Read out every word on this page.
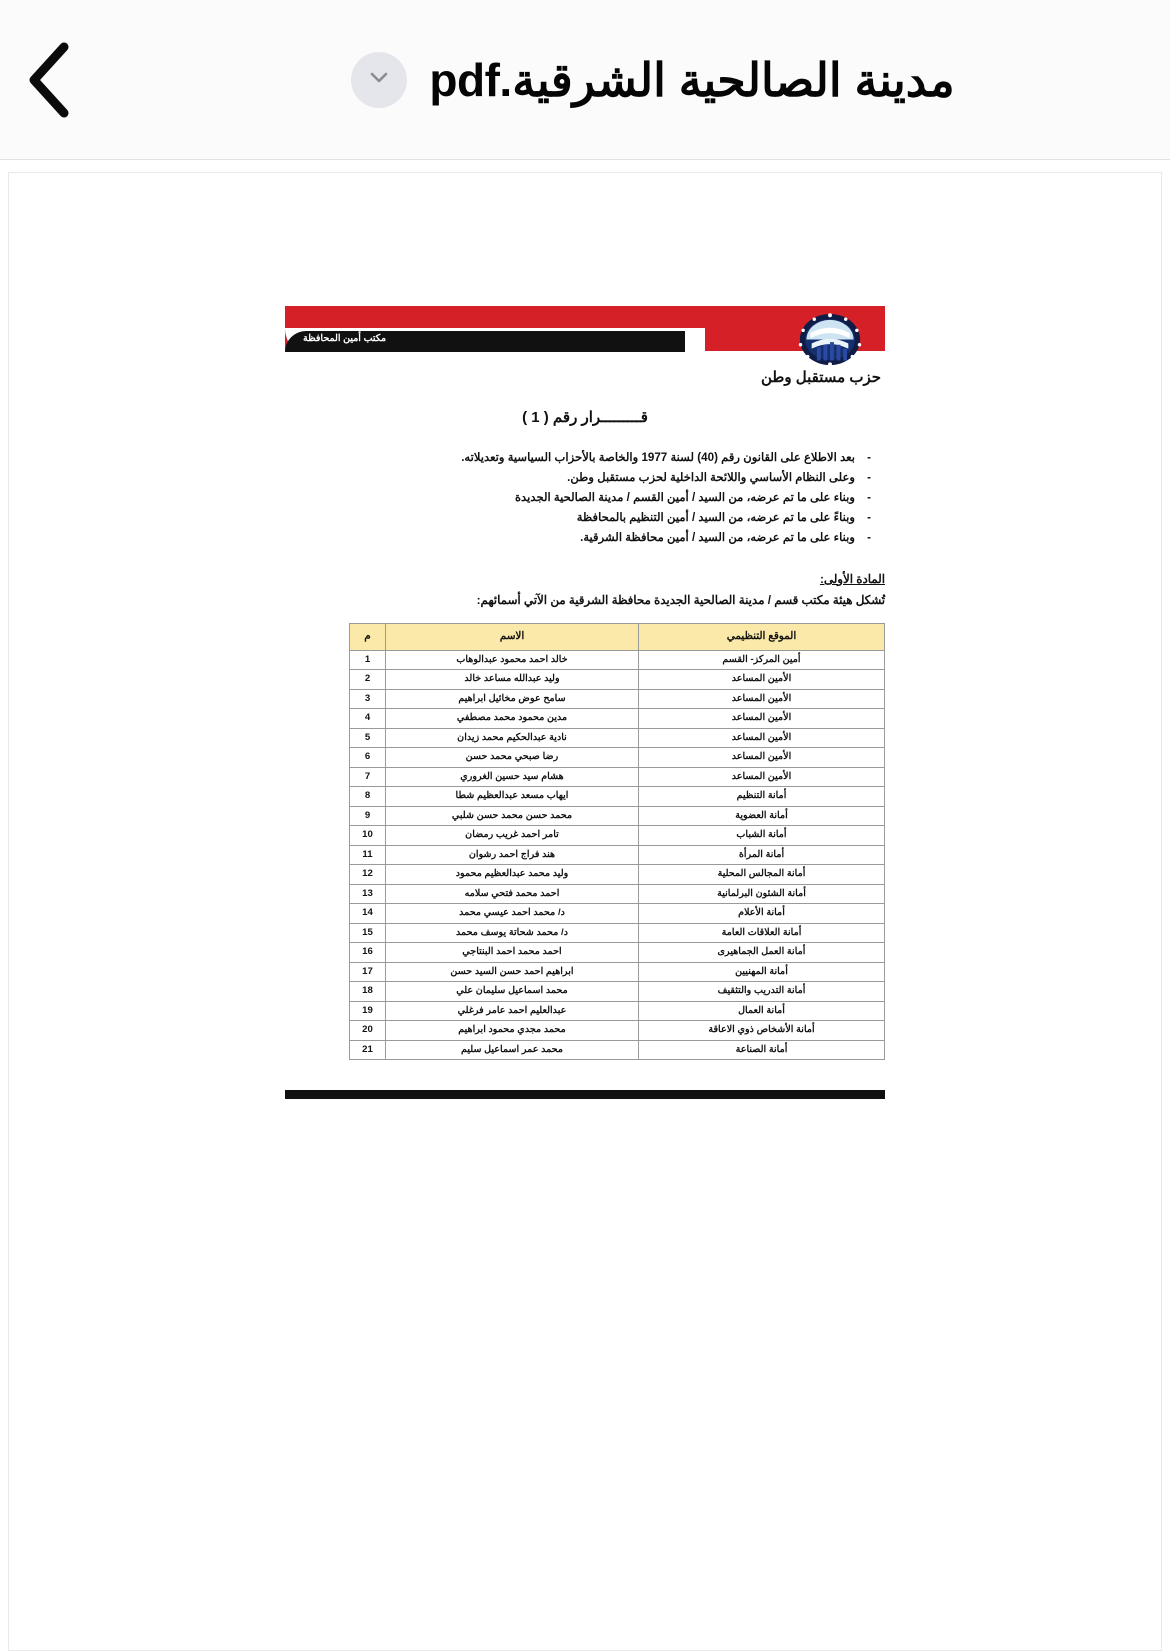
مدينة الصالحية الشرقية.pdf
مكتب أمين المحافظة
حزب مستقبل وطن
قـــــــــرار رقم ( 1 )
- بعد الاطلاع على القانون رقم (40) لسنة 1977 والخاصة بالأحزاب السياسية وتعديلاته.
- وعلى النظام الأساسي واللائحة الداخلية لحزب مستقبل وطن.
- وبناء على ما تم عرضه، من السيد / أمين القسم / مدينة الصالحية الجديدة
- وبناءً على ما تم عرضه، من السيد / أمين التنظيم بالمحافظة
- وبناء على ما تم عرضه، من السيد / أمين محافظة الشرقية.
المادة الأولى:
تُشكل هيئة مكتب قسم / مدينة الصالحية الجديدة محافظة الشرقية من الآتي أسمائهم:
الموقع التنظيمي	الاسم	م
أمين المركز- القسم	خالد احمد محمود عبدالوهاب	1
الأمين المساعد	وليد عبدالله مساعد خالد	2
الأمين المساعد	سامح عوض مخائيل ابراهيم	3
الأمين المساعد	مدين محمود محمد مصطفي	4
الأمين المساعد	نادية عبدالحكيم محمد زيدان	5
الأمين المساعد	رضا صبحي محمد حسن	6
الأمين المساعد	هشام سيد حسين الغروري	7
أمانة التنظيم	ايهاب مسعد عبدالعظيم شطا	8
أمانة العضوية	محمد حسن محمد حسن شلبي	9
أمانة الشباب	تامر احمد غريب رمضان	10
أمانة المرأة	هند فراج احمد رشوان	11
أمانة المجالس المحلية	وليد محمد عبدالعظيم محمود	12
أمانة الشئون البرلمانية	احمد محمد فتحي سلامه	13
أمانة الأعلام	د/ محمد احمد عيسي محمد	14
أمانة العلاقات العامة	د/ محمد شحاتة يوسف محمد	15
أمانة العمل الجماهيرى	احمد محمد احمد البنتاجي	16
أمانة المهنيين	ابراهيم احمد حسن السيد حسن	17
أمانة التدريب والتثقيف	محمد اسماعيل سليمان علي	18
أمانة العمال	عبدالعليم احمد عامر فرغلي	19
أمانة الأشخاص ذوي الاعاقة	محمد مجدي محمود ابراهيم	20
أمانة الصناعة	محمد عمر اسماعيل سليم	21
